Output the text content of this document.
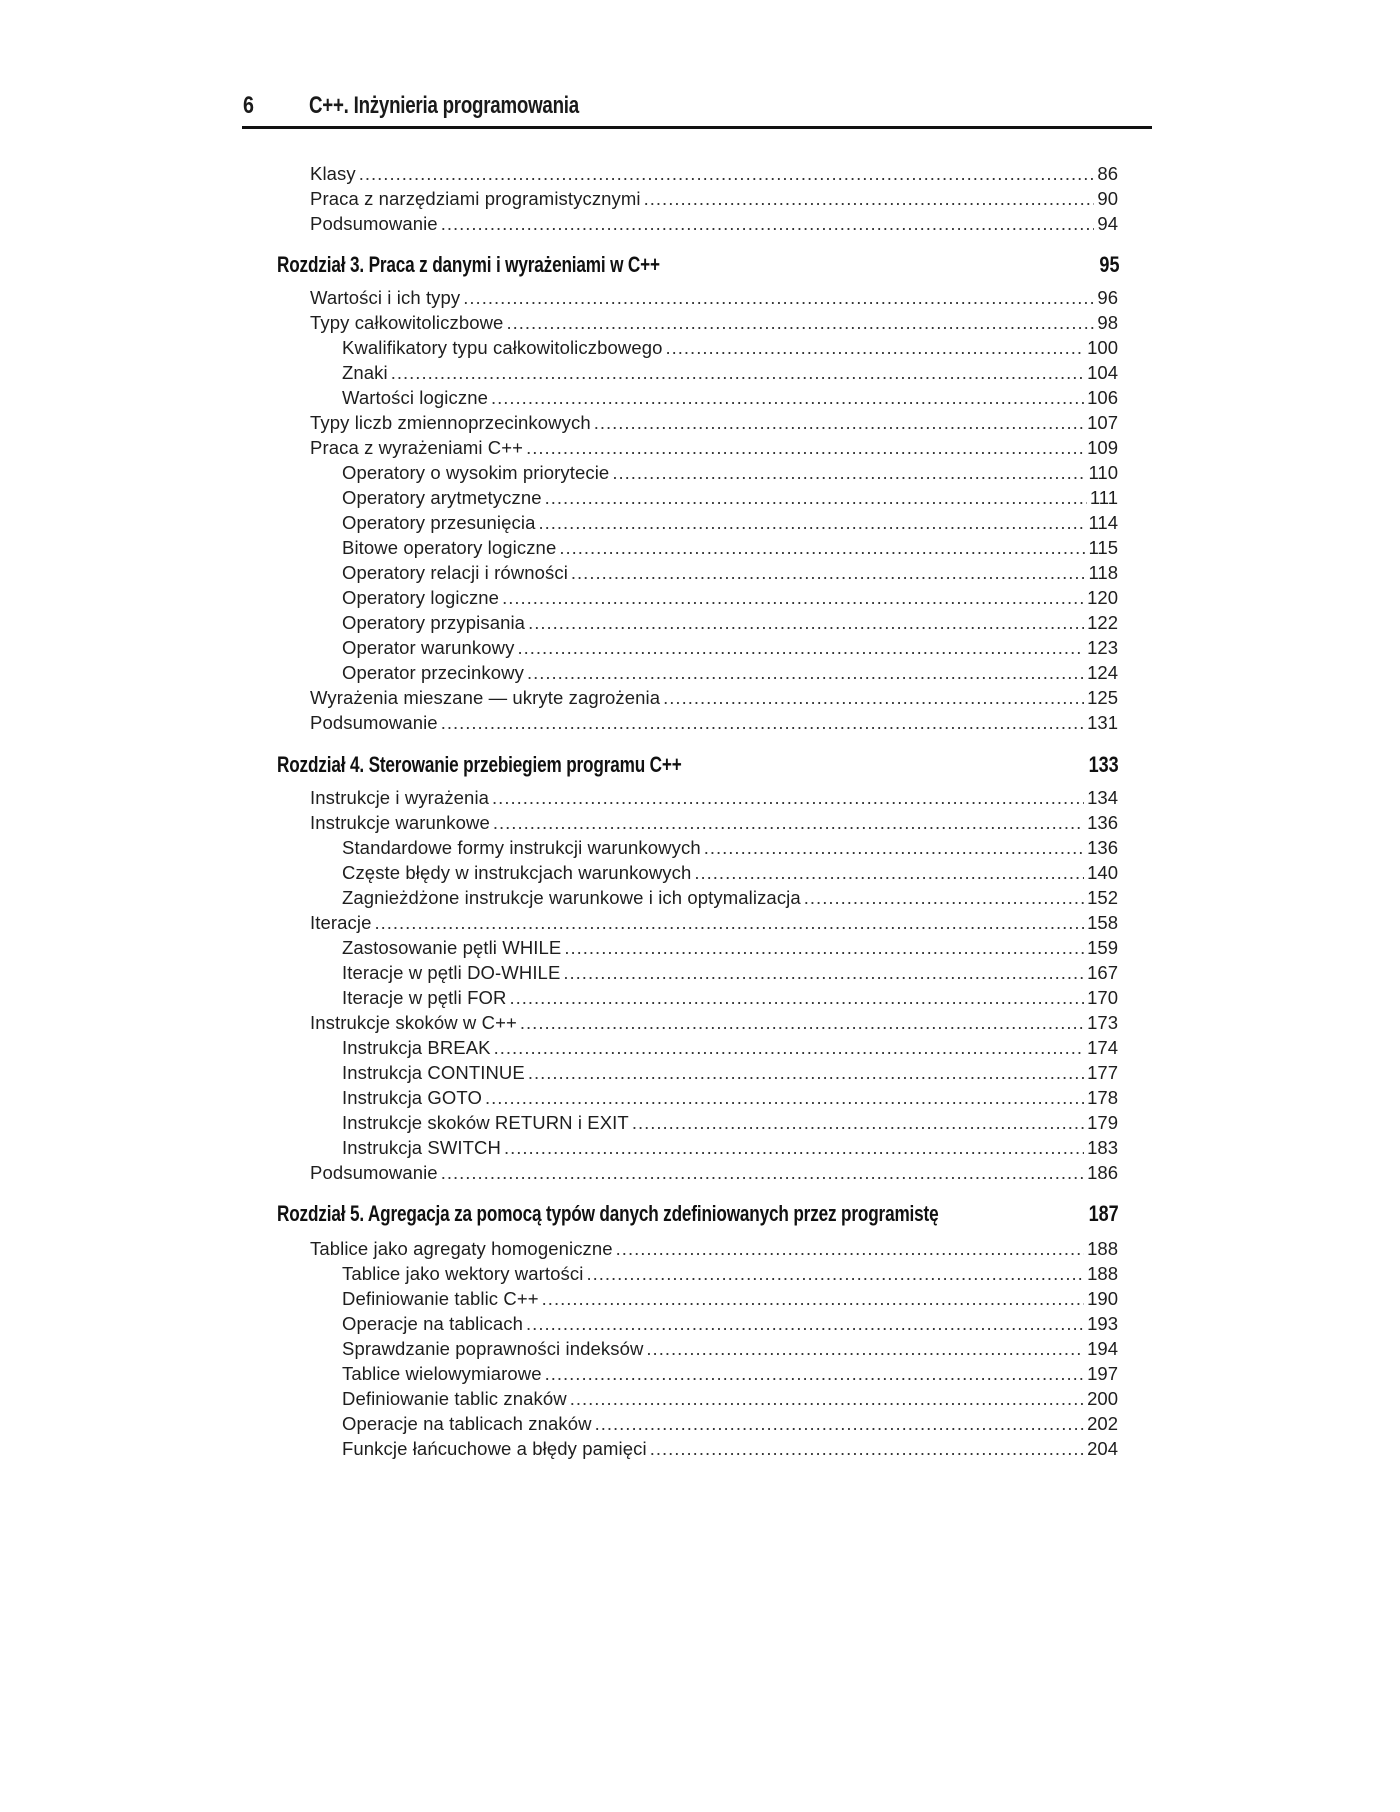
6 C++. Inżynieria programowania
Klasy .....	86
Praca z narzędziami programistycznymi .....	90
Podsumowanie .....	94
Rozdział 3. Praca z danymi i wyrażeniami w C++	95
Wartości i ich typy .....	96
Typy całkowitoliczbowe .....	98
Kwalifikatory typu całkowitoliczbowego .....	100
Znaki .....	104
Wartości logiczne .....	106
Typy liczb zmiennoprzecinkowych .....	107
Praca z wyrażeniami C++ .....	109
Operatory o wysokim priorytecie .....	110
Operatory arytmetyczne .....	111
Operatory przesunięcia .....	114
Bitowe operatory logiczne .....	115
Operatory relacji i równości .....	118
Operatory logiczne .....	120
Operatory przypisania .....	122
Operator warunkowy .....	123
Operator przecinkowy .....	124
Wyrażenia mieszane — ukryte zagrożenia .....	125
Podsumowanie .....	131
Rozdział 4. Sterowanie przebiegiem programu C++	133
Instrukcje i wyrażenia .....	134
Instrukcje warunkowe .....	136
Standardowe formy instrukcji warunkowych .....	136
Częste błędy w instrukcjach warunkowych .....	140
Zagnieżdżone instrukcje warunkowe i ich optymalizacja .....	152
Iteracje .....	158
Zastosowanie pętli WHILE .....	159
Iteracje w pętli DO-WHILE .....	167
Iteracje w pętli FOR .....	170
Instrukcje skoków w C++ .....	173
Instrukcja BREAK .....	174
Instrukcja CONTINUE .....	177
Instrukcja GOTO .....	178
Instrukcje skoków RETURN i EXIT .....	179
Instrukcja SWITCH .....	183
Podsumowanie .....	186
Rozdział 5. Agregacja za pomocą typów danych zdefiniowanych przez programistę	187
Tablice jako agregaty homogeniczne .....	188
Tablice jako wektory wartości .....	188
Definiowanie tablic C++ .....	190
Operacje na tablicach .....	193
Sprawdzanie poprawności indeksów .....	194
Tablice wielowymiarowe .....	197
Definiowanie tablic znaków .....	200
Operacje na tablicach znaków .....	202
Funkcje łańcuchowe a błędy pamięci .....	204
